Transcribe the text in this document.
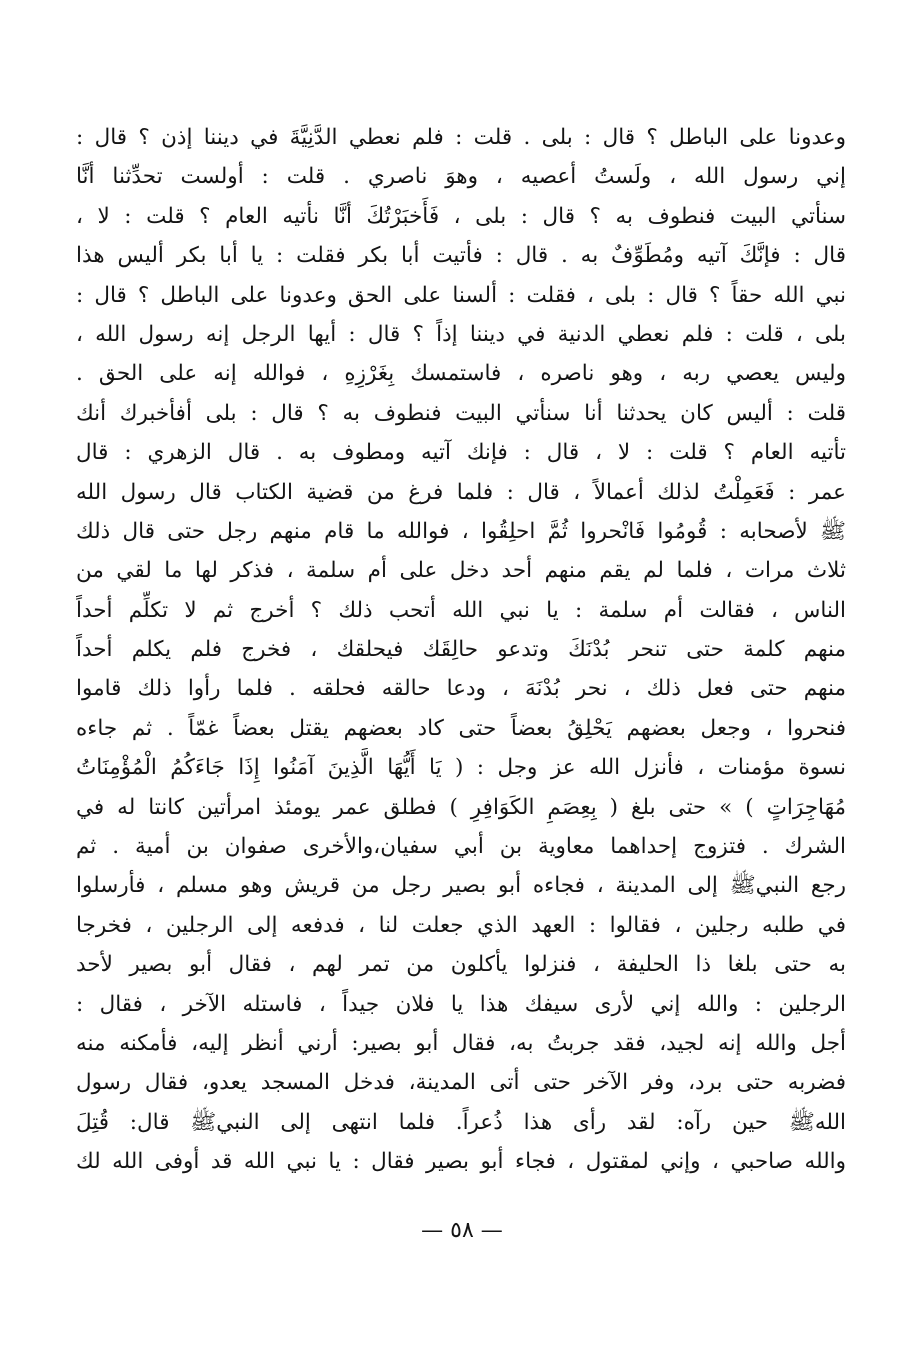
وعدونا على الباطل ؟ قال : بلى . قلت : فلم نعطي الدَّنِيَّةَ في ديننا إذن ؟ قال :
إني رسول الله ، ولَستُ أعصيه ، وهوَ ناصري . قلت : أولست تحدِّثنا أنَّا
سنأتي البيت فنطوف به ؟ قال : بلى ، فَأَخبَرْتُكَ أنَّا نأتيه العام ؟ قلت : لا ،
قال : فإنَّكَ آتيه ومُطَوِّفٌ به . قال : فأتيت أبا بكر فقلت : يا أبا بكر أليس هذا
نبي الله حقاً ؟ قال : بلى ، فقلت : ألسنا على الحق وعدونا على الباطل ؟ قال :
بلى ، قلت : فلم نعطي الدنية في ديننا إذاً ؟ قال : أيها الرجل إنه رسول الله ،
وليس يعصي ربه ، وهو ناصره ، فاستمسك بِغَرْزِهِ ، فوالله إنه على الحق .
قلت : أليس كان يحدثنا أنا سنأتي البيت فنطوف به ؟ قال : بلى أفأخبرك أنك
تأتيه العام ؟ قلت : لا ، قال : فإنك آتيه ومطوف به . قال الزهري : قال
عمر : فَعَمِلْتُ لذلك أعمالاً ، قال : فلما فرغ من قضية الكتاب قال رسول الله
ﷺ لأصحابه : قُومُوا فَانْحروا ثُمَّ احلِقُوا ، فوالله ما قام منهم رجل حتى قال ذلك
ثلاث مرات ، فلما لم يقم منهم أحد دخل على أم سلمة ، فذكر لها ما لقي من
الناس ، فقالت أم سلمة : يا نبي الله أتحب ذلك ؟ أخرج ثم لا تكلِّم أحداً
منهم كلمة حتى تنحر بُدْنَكَ وتدعو حالِقَك فيحلقك ، فخرج فلم يكلم أحداً
منهم حتى فعل ذلك ، نحر بُدْنَهَ ، ودعا حالقه فحلقه . فلما رأوا ذلك قاموا
فنحروا ، وجعل بعضهم يَحْلِقُ بعضاً حتى كاد بعضهم يقتل بعضاً غمّاً . ثم جاءه
نسوة مؤمنات ، فأنزل الله عز وجل : ( يَا أَيُّهَا الَّذِينَ آمَنُوا إِذَا جَاءَكُمُ الْمُؤْمِنَاتُ
مُهَاجِرَاتٍ ) » حتى بلغ ( بِعِصَمِ الكَوَافِرِ ) فطلق عمر يومئذ امرأتين كانتا له في
الشرك . فتزوج إحداهما معاوية بن أبي سفيان،والأخرى صفوان بن أمية . ثم
رجع النبيﷺ إلى المدينة ، فجاءه أبو بصير رجل من قريش وهو مسلم ، فأرسلوا
في طلبه رجلين ، فقالوا : العهد الذي جعلت لنا ، فدفعه إلى الرجلين ، فخرجا
به حتى بلغا ذا الحليفة ، فنزلوا يأكلون من تمر لهم ، فقال أبو بصير لأحد
الرجلين : والله إني لأرى سيفك هذا يا فلان جيداً ، فاستله الآخر ، فقال :
أجل والله إنه لجيد، فقد جربتُ به، فقال أبو بصير: أرني أنظر إليه، فأمكنه منه
فضربه حتى برد، وفر الآخر حتى أتى المدينة، فدخل المسجد يعدو، فقال رسول
اللهﷺ حين رآه: لقد رأى هذا ذُعراً. فلما انتهى إلى النبيﷺ قال: قُتِلَ
والله صاحبي ، وإني لمقتول ، فجاء أبو بصير فقال : يا نبي الله قد أوفى الله لك
— ٥٨ —
